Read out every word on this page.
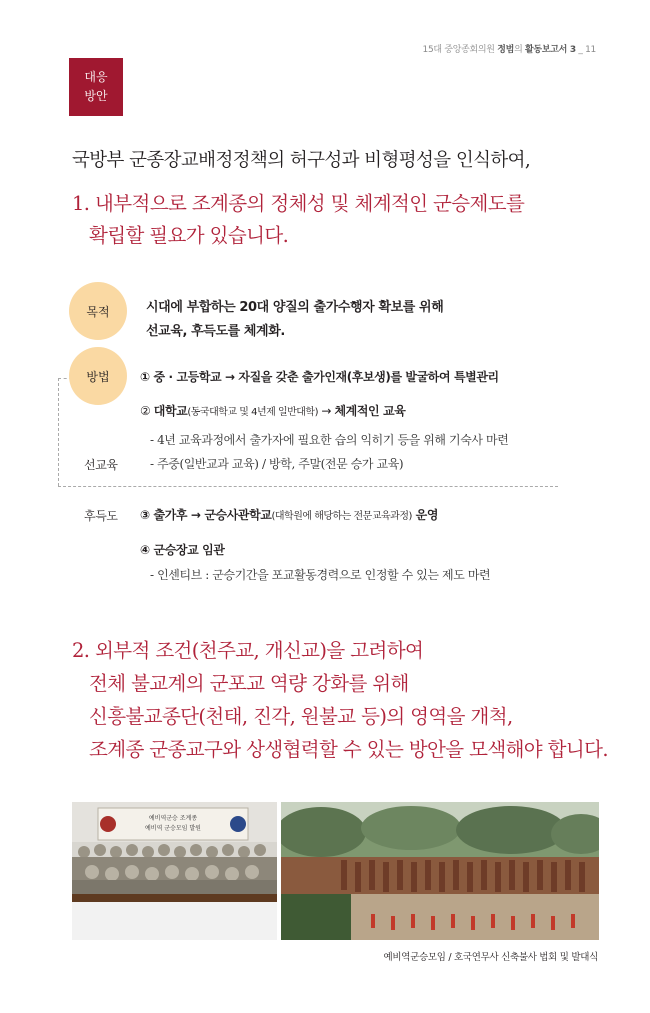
15대 중앙종회의원 정범의 활동보고서 3 _ 11
대응
방안
국방부 군종장교배정정책의 허구성과 비형평성을 인식하여,
1. 내부적으로 조계종의 정체성 및 체계적인 군승제도를
확립할 필요가 있습니다.
목적	시대에 부합하는 20대 양질의 출가수행자 확보를 위해
선교육, 후득도를 체계화.
방법	① 중 · 고등학교 → 자질을 갖춘 출가인재(후보생)를 발굴하여 특별관리
② 대학교(동국대학교 및 4년제 일반대학) → 체계적인 교육
- 4년 교육과정에서 출가자에 필요한 습의 익히기 등을 위해 기숙사 마련
- 주중(일반교과 교육) / 방학, 주말(전문 승가 교육)
선교육
후득도 ③ 출가후 → 군승사관학교(대학원에 해당하는 전문교육과정) 운영
④ 군승장교 임관
- 인센티브 : 군승기간을 포교활동경력으로 인정할 수 있는 제도 마련
2. 외부적 조건(천주교, 개신교)을 고려하여
전체 불교계의 군포교 역량 강화를 위해
신흥불교종단(천태, 진각, 원불교 등)의 영역을 개척,
조계종 군종교구와 상생협력할 수 있는 방안을 모색해야 합니다.
예비역군승 조계종
예비역 군승모임 발원
예비역군승모임 / 호국연무사 신축불사 법회 및 발대식
